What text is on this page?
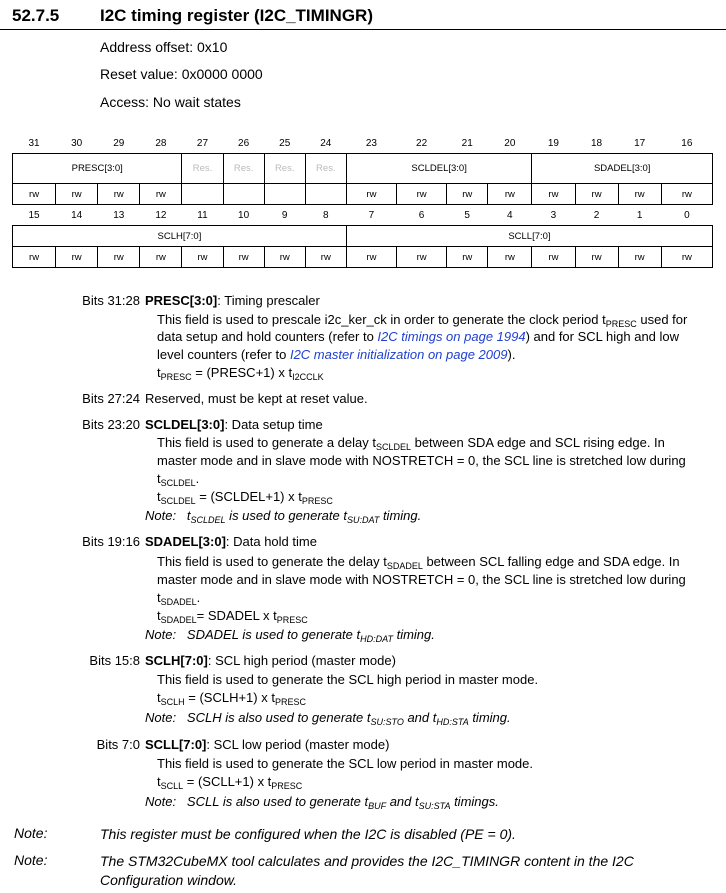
52.7.5 I2C timing register (I2C_TIMINGR)
Address offset: 0x10
Reset value: 0x0000 0000
Access: No wait states
31	30	29	28	27	26	25	24	23	22	21	20	19	18	17	16
PRESC[3:0]				Res.	Res.	Res.	Res.	SCLDEL[3:0]				SDADEL[3:0]			
rw	rw	rw	rw					rw	rw	rw	rw	rw	rw	rw	rw
15	14	13	12	11	10	9	8	7	6	5	4	3	2	1	0
SCLH[7:0]								SCLL[7:0]							
rw	rw	rw	rw	rw	rw	rw	rw	rw	rw	rw	rw	rw	rw	rw	rw
Bits 31:28 PRESC[3:0]: Timing prescaler
This field is used to prescale i2c_ker_ck in order to generate the clock period $t_{PRESC}$ used for
data setup and hold counters (refer to I2C timings on page 1994) and for SCL high and low
level counters (refer to I2C master initialization on page 2009).
$t_{PRESC}$ = (PRESC+1) x $t_{I2CCLK}$
Bits 27:24 Reserved, must be kept at reset value.
Bits 23:20 SCLDEL[3:0]: Data setup time
This field is used to generate a delay $t_{SCLDEL}$ between SDA edge and SCL rising edge. In
master mode and in slave mode with NOSTRETCH = 0, the SCL line is stretched low during
$t_{SCLDEL}$.
$t_{SCLDEL}$ = (SCLDEL+1) x $t_{PRESC}$
Note: $t_{SCLDEL}$ is used to generate $t_{SU:DAT}$ timing.
Bits 19:16 SDADEL[3:0]: Data hold time
This field is used to generate the delay $t_{SDADEL}$ between SCL falling edge and SDA edge. In
master mode and in slave mode with NOSTRETCH = 0, the SCL line is stretched low during
$t_{SDADEL}$.
$t_{SDADEL}=$ SDADEL x $t_{PRESC}$
Note: SDADEL is used to generate $t_{HD:DAT}$ timing.
Bits 15:8 SCLH[7:0]: SCL high period (master mode)
This field is used to generate the SCL high period in master mode.
$t_{SCLH}$ = (SCLH+1) x $t_{PRESC}$
Note: SCLH is also used to generate $t_{SU:STO}$ and $t_{HD:STA}$ timing.
Bits 7:0 SCLL[7:0]: SCL low period (master mode)
This field is used to generate the SCL low period in master mode.
$t_{SCLL}$ = (SCLL+1) x $t_{PRESC}$
Note: SCLL is also used to generate $t_{BUF}$ and $t_{SU:STA}$ timings.
Note:	This register must be configured when the I2C is disabled (PE = 0).
Note:	The STM32CubeMX tool calculates and provides the I2C_TIMINGR content in the I2C Configuration window.
